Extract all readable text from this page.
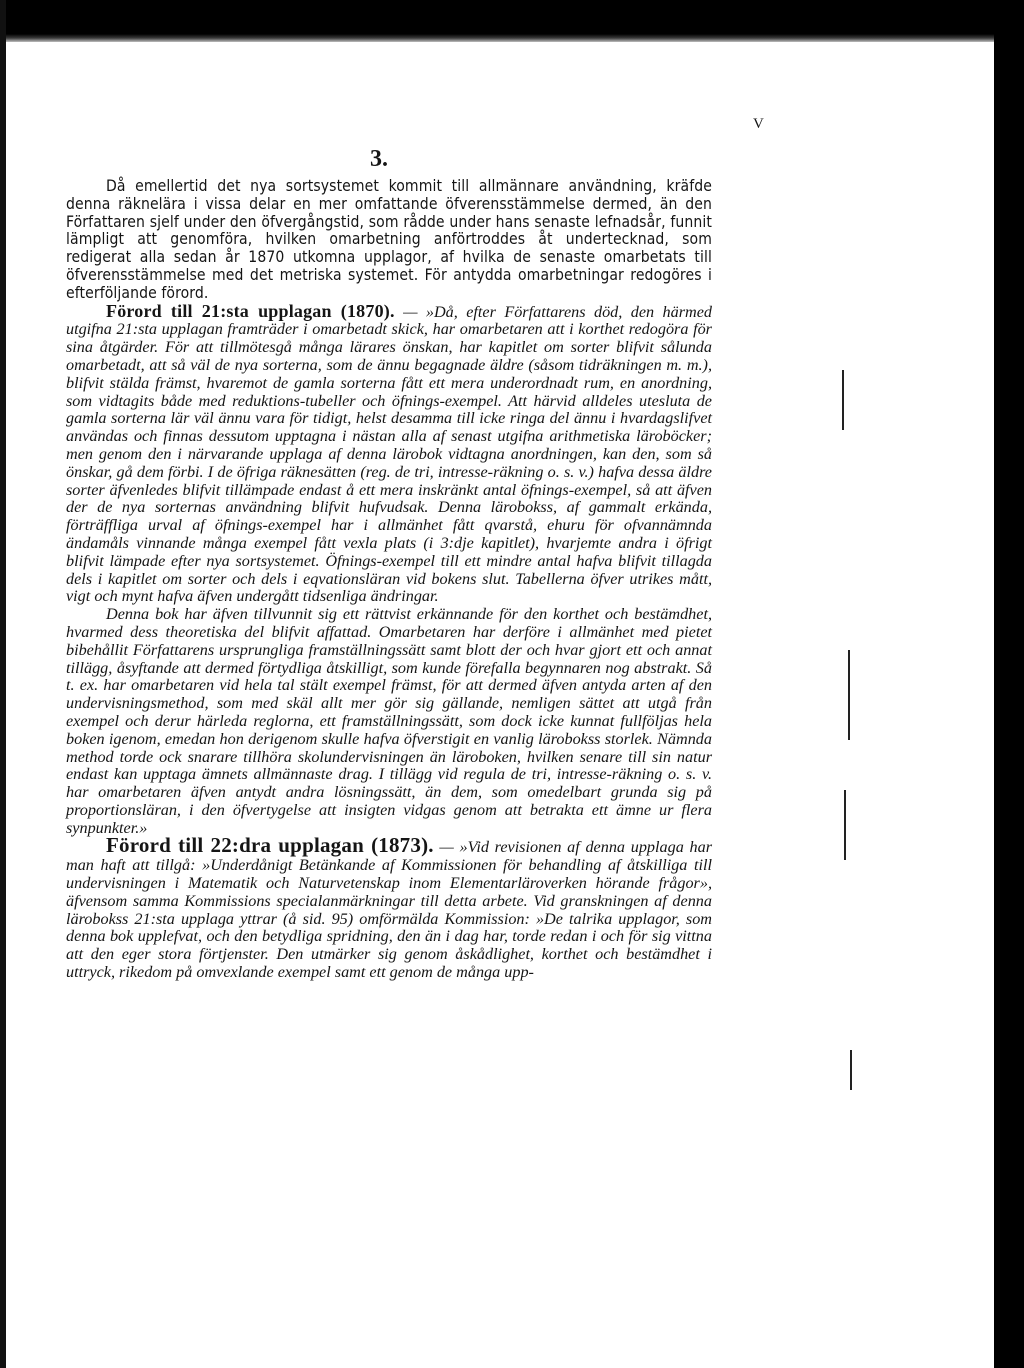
V
3.

Då emellertid det nya sortsystemet kommit till allmännare användning, kräfde denna räknelära i vissa delar en mer omfattande öfverensstämmelse dermed, än den Författaren sjelf under den öfvergångstid, som rådde under hans senaste lefnadsår, funnit lämpligt att genomföra, hvilken omarbetning anförtroddes åt undertecknad, som redigerat alla sedan år 1870 utkomna upplagor, af hvilka de senaste omarbetats till öfverensstämmelse med det metriska systemet. För antydda omarbetningar redogöres i efterföljande förord.

Förord till 21:sta upplagan (1870). — »Då, efter Författarens död, den härmed utgifna 21:sta upplagan framträder i omarbetadt skick, har omarbetaren att i korthet redogöra för sina åtgärder. För att tillmötesgå många lärares önskan, har kapitlet om sorter blifvit sålunda omarbetadt, att så väl de nya sorterna, som de ännu begagnade äldre (såsom tidräkningen m. m.), blifvit stälda främst, hvaremot de gamla sorterna fått ett mera underordnadt rum, en anordning, som vidtagits både med reduktions-tubeller och öfnings-exempel. Att härvid alldeles utesluta de gamla sorterna lär väl ännu vara för tidigt, helst desamma till icke ringa del ännu i hvardagslifvet användas och finnas dessutom upptagna i nästan alla af senast utgifna arithmetiska läroböcker; men genom den i närvarande upplaga af denna lärobok vidtagna anordningen, kan den, som så önskar, gå dem förbi. I de öfriga räknesätten (reg. de tri, intresse-räkning o. s. v.) hafva dessa äldre sorter äfvenledes blifvit tillämpade endast å ett mera inskränkt antal öfnings-exempel, så att äfven der de nya sorternas användning blifvit hufvudsak. Denna lärobokss, af gammalt erkända, förträffliga urval af öfnings-exempel har i allmänhet fått qvarstå, ehuru för ofvannämnda ändamåls vinnande många exempel fått vexla plats (i 3:dje kapitlet), hvarjemte andra i öfrigt blifvit lämpade efter nya sortsystemet. Öfnings-exempel till ett mindre antal hafva blifvit tillagda dels i kapitlet om sorter och dels i eqvationsläran vid bokens slut. Tabellerna öfver utrikes mått, vigt och mynt hafva äfven undergått tidsenliga ändringar.

Denna bok har äfven tillvunnit sig ett rättvist erkännande för den korthet och bestämdhet, hvarmed dess theoretiska del blifvit affattad. Omarbetaren har derföre i allmänhet med pietet bibehållit Författarens ursprungliga framställningssätt samt blott der och hvar gjort ett och annat tillägg, åsyftande att dermed förtydliga åtskilligt, som kunde förefalla begynnaren nog abstrakt. Så t. ex. har omarbetaren vid hela tal stält exempel främst, för att dermed äfven antyda arten af den undervisningsmethod, som med skäl allt mer gör sig gällande, nemligen sättet att utgå från exempel och derur härleda reglorna, ett framställningssätt, som dock icke kunnat fullföljas hela boken igenom, emedan hon derigenom skulle hafva öfverstigit en vanlig lärobokss storlek. Nämnda method torde ock snarare tillhöra skolundervisningen än läroboken, hvilken senare till sin natur endast kan upptaga ämnets allmännaste drag. I tillägg vid regula de tri, intresse-räkning o. s. v. har omarbetaren äfven antydt andra lösningssätt, än dem, som omedelbart grunda sig på proportionsläran, i den öfvertygelse att insigten vidgas genom att betrakta ett ämne ur flera synpunkter.»

Förord till 22:dra upplagan (1873). — »Vid revisionen af denna upplaga har man haft att tillgå: »Underdånigt Betänkande af Kommissionen för behandling af åtskilliga till undervisningen i Matematik och Naturvetenskap inom Elementarläroverken hörande frågor», äfvensom samma Kommissions specialanmärkningar till detta arbete. Vid granskningen af denna lärobokss 21:sta upplaga yttrar (å sid. 95) omförmälda Kommission: »De talrika upplagor, som denna bok upplefvat, och den betydliga spridning, den än i dag har, torde redan i och för sig vittna att den eger stora förtjenster. Den utmärker sig genom åskådlighet, korthet och bestämdhet i uttryck, rikedom på omvexlande exempel samt ett genom de många upp-
